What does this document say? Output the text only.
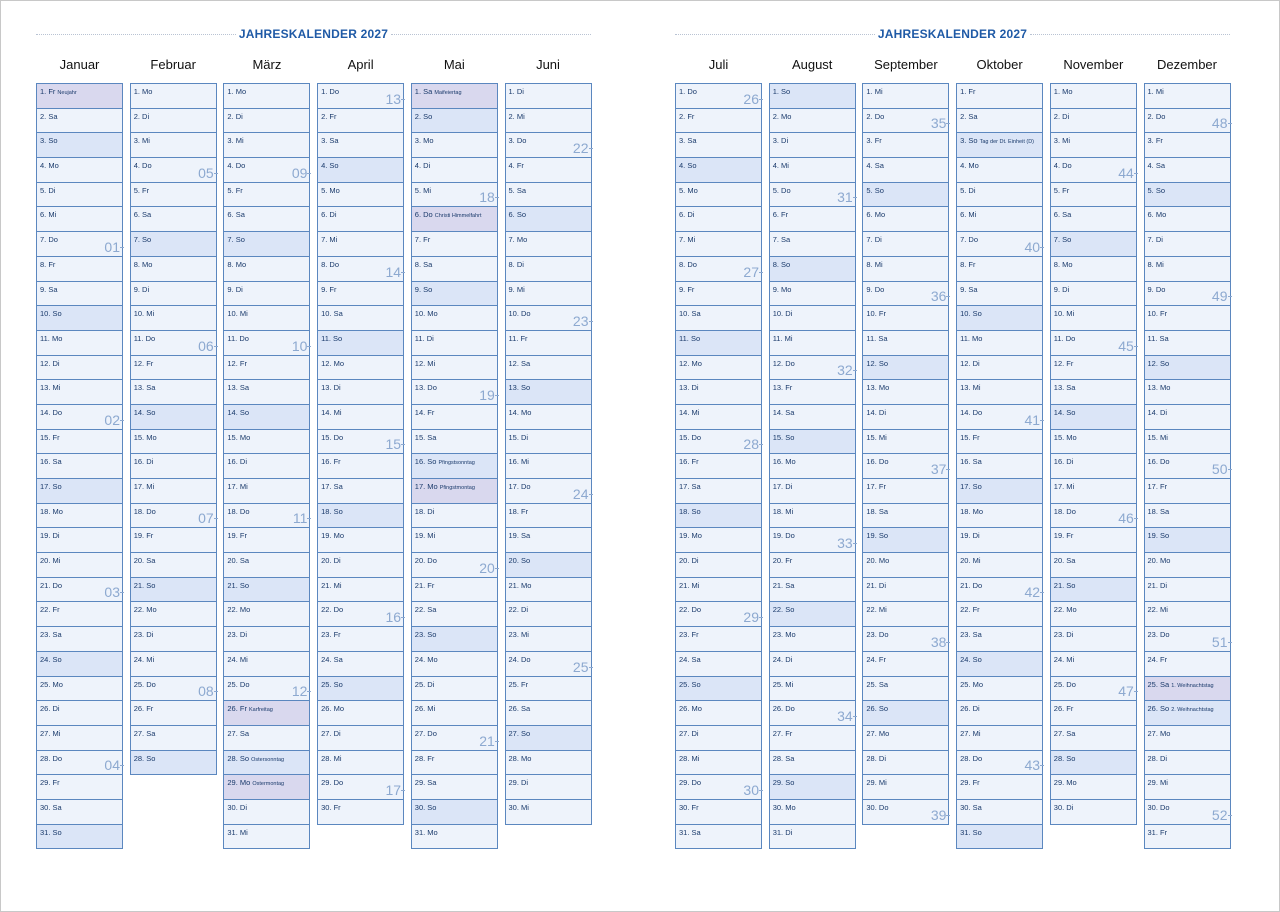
JAHRESKALENDER 2027
Januar
1. Fr Neujahr
2. Sa
3. So
4. Mo
5. Di
6. Mi
7. Do	01
8. Fr
9. Sa
10. So
11. Mo
12. Di
13. Mi
14. Do	02
15. Fr
16. Sa
17. So
18. Mo
19. Di
20. Mi
21. Do	03
22. Fr
23. Sa
24. So
25. Mo
26. Di
27. Mi
28. Do	04
29. Fr
30. Sa
31. So
Februar
1. Mo
2. Di
3. Mi
4. Do	05
5. Fr
6. Sa
7. So
8. Mo
9. Di
10. Mi
11. Do	06
12. Fr
13. Sa
14. So
15. Mo
16. Di
17. Mi
18. Do	07
19. Fr
20. Sa
21. So
22. Mo
23. Di
24. Mi
25. Do	08
26. Fr
27. Sa
28. So
März
1. Mo
2. Di
3. Mi
4. Do	09
5. Fr
6. Sa
7. So
8. Mo
9. Di
10. Mi
11. Do	10
12. Fr
13. Sa
14. So
15. Mo
16. Di
17. Mi
18. Do	11
19. Fr
20. Sa
21. So
22. Mo
23. Di
24. Mi
25. Do	12
26. Fr Karfreitag
27. Sa
28. So Ostersonntag
29. Mo Ostermontag
30. Di
31. Mi
April
1. Do	13
2. Fr
3. Sa
4. So
5. Mo
6. Di
7. Mi
8. Do	14
9. Fr
10. Sa
11. So
12. Mo
13. Di
14. Mi
15. Do	15
16. Fr
17. Sa
18. So
19. Mo
20. Di
21. Mi
22. Do	16
23. Fr
24. Sa
25. So
26. Mo
27. Di
28. Mi
29. Do	17
30. Fr
Mai
1. Sa Maifeiertag
2. So
3. Mo
4. Di
5. Mi	18
6. Do Christi Himmelfahrt
7. Fr
8. Sa
9. So
10. Mo
11. Di
12. Mi
13. Do	19
14. Fr
15. Sa
16. So Pfingstsonntag
17. Mo Pfingstmontag
18. Di
19. Mi
20. Do	20
21. Fr
22. Sa
23. So
24. Mo
25. Di
26. Mi
27. Do	21
28. Fr
29. Sa
30. So
31. Mo
Juni
1. Di
2. Mi
3. Do	22
4. Fr
5. Sa
6. So
7. Mo
8. Di
9. Mi
10. Do	23
11. Fr
12. Sa
13. So
14. Mo
15. Di
16. Mi
17. Do	24
18. Fr
19. Sa
20. So
21. Mo
22. Di
23. Mi
24. Do	25
25. Fr
26. Sa
27. So
28. Mo
29. Di
30. Mi
JAHRESKALENDER 2027
Juli
1. Do	26
2. Fr
3. Sa
4. So
5. Mo
6. Di
7. Mi
8. Do	27
9. Fr
10. Sa
11. So
12. Mo
13. Di
14. Mi
15. Do	28
16. Fr
17. Sa
18. So
19. Mo
20. Di
21. Mi
22. Do	29
23. Fr
24. Sa
25. So
26. Mo
27. Di
28. Mi
29. Do	30
30. Fr
31. Sa
August
1. So
2. Mo
3. Di
4. Mi
5. Do	31
6. Fr
7. Sa
8. So
9. Mo
10. Di
11. Mi
12. Do	32
13. Fr
14. Sa
15. So
16. Mo
17. Di
18. Mi
19. Do	33
20. Fr
21. Sa
22. So
23. Mo
24. Di
25. Mi
26. Do	34
27. Fr
28. Sa
29. So
30. Mo
31. Di
September
1. Mi
2. Do	35
3. Fr
4. Sa
5. So
6. Mo
7. Di
8. Mi
9. Do	36
10. Fr
11. Sa
12. So
13. Mo
14. Di
15. Mi
16. Do	37
17. Fr
18. Sa
19. So
20. Mo
21. Di
22. Mi
23. Do	38
24. Fr
25. Sa
26. So
27. Mo
28. Di
29. Mi
30. Do	39
Oktober
1. Fr
2. Sa
3. So Tag der Dt. Einheit (D)
4. Mo
5. Di
6. Mi
7. Do	40
8. Fr
9. Sa
10. So
11. Mo
12. Di
13. Mi
14. Do	41
15. Fr
16. Sa
17. So
18. Mo
19. Di
20. Mi
21. Do	42
22. Fr
23. Sa
24. So
25. Mo
26. Di
27. Mi
28. Do	43
29. Fr
30. Sa
31. So
November
1. Mo
2. Di
3. Mi
4. Do	44
5. Fr
6. Sa
7. So
8. Mo
9. Di
10. Mi
11. Do	45
12. Fr
13. Sa
14. So
15. Mo
16. Di
17. Mi
18. Do	46
19. Fr
20. Sa
21. So
22. Mo
23. Di
24. Mi
25. Do	47
26. Fr
27. Sa
28. So
29. Mo
30. Di
Dezember
1. Mi
2. Do	48
3. Fr
4. Sa
5. So
6. Mo
7. Di
8. Mi
9. Do	49
10. Fr
11. Sa
12. So
13. Mo
14. Di
15. Mi
16. Do	50
17. Fr
18. Sa
19. So
20. Mo
21. Di
22. Mi
23. Do	51
24. Fr
25. Sa 1. Weihnachtstag
26. So 2. Weihnachtstag
27. Mo
28. Di
29. Mi
30. Do	52
31. Fr
